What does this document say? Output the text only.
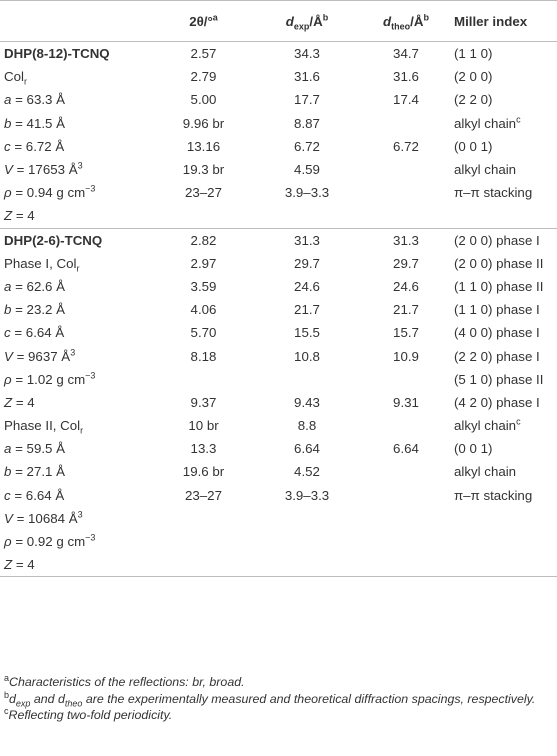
	2θ/°$^a$	$d_{exp}/Å^b$	$d_{theo}/Å^b$	Miller index
DHP(8-12)-TCNQ	2.57	34.3	34.7	(1 1 0)
Col$_r$	2.79	31.6	31.6	(2 0 0)
a = 63.3 Å	5.00	17.7	17.4	(2 2 0)
b = 41.5 Å	9.96 br	8.87		alkyl chain$^c$
c = 6.72 Å	13.16	6.72	6.72	(0 0 1)
V = 17653 $Å^3$	19.3 br	4.59		alkyl chain
ρ = 0.94 g $cm^{-3}$	23–27	3.9–3.3		π–π stacking
Z = 4				
DHP(2-6)-TCNQ	2.82	31.3	31.3	(2 0 0) phase I
Phase I, Col$_r$	2.97	29.7	29.7	(2 0 0) phase II
a = 62.6 Å	3.59	24.6	24.6	(1 1 0) phase II
b = 23.2 Å	4.06	21.7	21.7	(1 1 0) phase I
c = 6.64 Å	5.70	15.5	15.7	(4 0 0) phase I
V = 9637 $Å^3$	8.18	10.8	10.9	(2 2 0) phase I
ρ = 1.02 g $cm^{-3}$				(5 1 0) phase II
Z = 4	9.37	9.43	9.31	(4 2 0) phase I
Phase II, Col$_r$	10 br	8.8		alkyl chain$^c$
a = 59.5 Å	13.3	6.64	6.64	(0 0 1)
b = 27.1 Å	19.6 br	4.52		alkyl chain
c = 6.64 Å	23–27	3.9–3.3		π–π stacking
V = 10684 $Å^3$				
ρ = 0.92 g $cm^{-3}$				
Z = 4				

$^a$Characteristics of the reflections: br, broad.

$^bd_{exp}$ and $d_{theo}$ are the experimentally measured and theoretical diffraction spacings, respectively.

$^c$Reflecting two-fold periodicity.
